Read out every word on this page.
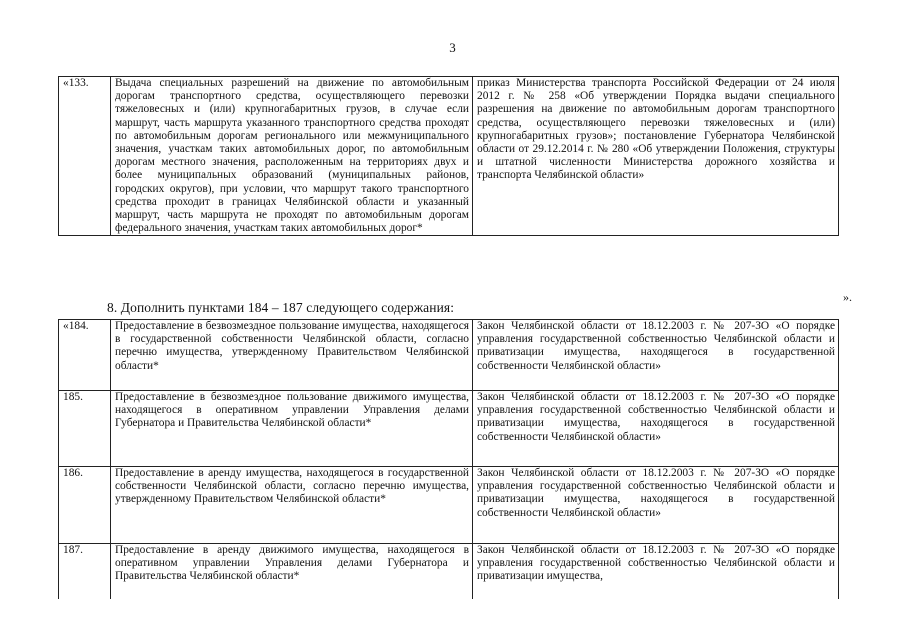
3
«133.	Выдача специальных разрешений на движение по автомобильным дорогам транспортного средства, осуществляющего перевозки тяжеловесных и (или) крупногабаритных грузов, в случае если маршрут, часть маршрута указанного транспортного средства проходят по автомобильным дорогам регионального или межмуниципального значения, участкам таких автомобильных дорог, по автомобильным дорогам местного значения, расположенным на территориях двух и более муниципальных образований (муниципальных районов, городских округов), при условии, что маршрут такого транспортного средства проходит в границах Челябинской области и указанный маршрут, часть маршрута не проходят по автомобильным дорогам федерального значения, участкам таких автомобильных дорог*	приказ Министерства транспорта Российской Федерации от 24 июля 2012 г. № 258 «Об утверждении Порядка выдачи специального разрешения на движение по автомобильным дорогам транспортного средства, осуществляющего перевозки тяжеловесных и (или) крупногабаритных грузов»; постановление Губернатора Челябинской области от 29.12.2014 г. № 280 «Об утверждении Положения, структуры и штатной численности Министерства дорожного хозяйства и транспорта Челябинской области»
».
8. Дополнить пунктами 184 – 187 следующего содержания:
«184.	Предоставление в безвозмездное пользование имущества, находящегося в государственной собственности Челябинской области, согласно перечню имущества, утвержденному Правительством Челябинской области*	Закон Челябинской области от 18.12.2003 г. № 207-ЗО «О порядке управления государственной собственностью Челябинской области и приватизации имущества, находящегося в государственной собственности Челябинской области»
185.	Предоставление в безвозмездное пользование движимого имущества, находящегося в оперативном управлении Управления делами Губернатора и Правительства Челябинской области*	Закон Челябинской области от 18.12.2003 г. № 207-ЗО «О порядке управления государственной собственностью Челябинской области и приватизации имущества, находящегося в государственной собственности Челябинской области»
186.	Предоставление в аренду имущества, находящегося в государственной собственности Челябинской области, согласно перечню имущества, утвержденному Правительством Челябинской области*	Закон Челябинской области от 18.12.2003 г. № 207-ЗО «О порядке управления государственной собственностью Челябинской области и приватизации имущества, находящегося в государственной собственности Челябинской области»
187.	Предоставление в аренду движимого имущества, находящегося в оперативном управлении Управления делами Губернатора и Правительства Челябинской области*	Закон Челябинской области от 18.12.2003 г. № 207-ЗО «О порядке управления государственной собственностью Челябинской области и приватизации имущества,
